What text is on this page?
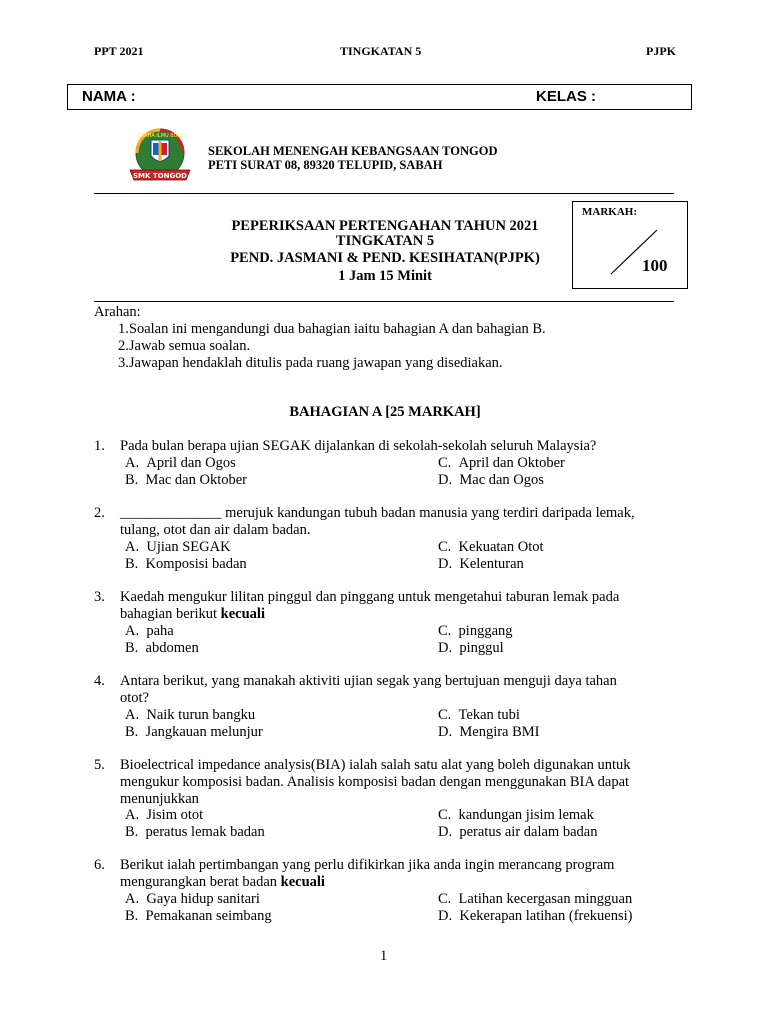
PPT 2021	TINGKATAN 5	PJPK
NAMA :	KELAS :
USAHA ILMU BUDI
SMK TONGOD
SEKOLAH MENENGAH KEBANGSAAN TONGOD
PETI SURAT 08, 89320 TELUPID, SABAH
PEPERIKSAAN PERTENGAHAN TAHUN 2021
TINGKATAN 5
PEND. JASMANI & PEND. KESIHATAN(PJPK)
1 Jam 15 Minit
MARKAH:
100
Arahan:
1.Soalan ini mengandungi dua bahagian iaitu bahagian A dan bahagian B.
2.Jawab semua soalan.
3.Jawapan hendaklah ditulis pada ruang jawapan yang disediakan.
BAHAGIAN A [25 MARKAH]
1. Pada bulan berapa ujian SEGAK dijalankan di sekolah-sekolah seluruh Malaysia?
A. April dan Ogos	C. April dan Oktober
B. Mac dan Oktober	D. Mac dan Ogos
2. ______________ merujuk kandungan tubuh badan manusia yang terdiri daripada lemak,
tulang, otot dan air dalam badan.
A. Ujian SEGAK	C. Kekuatan Otot
B. Komposisi badan	D. Kelenturan
3. Kaedah mengukur lilitan pinggul dan pinggang untuk mengetahui taburan lemak pada
bahagian berikut kecuali
A. paha	C. pinggang
B. abdomen	D. pinggul
4. Antara berikut, yang manakah aktiviti ujian segak yang bertujuan menguji daya tahan
otot?
A. Naik turun bangku	C. Tekan tubi
B. Jangkauan melunjur	D. Mengira BMI
5. Bioelectrical impedance analysis(BIA) ialah salah satu alat yang boleh digunakan untuk
mengukur komposisi badan. Analisis komposisi badan dengan menggunakan BIA dapat
menunjukkan
A. Jisim otot	C. kandungan jisim lemak
B. peratus lemak badan	D. peratus air dalam badan
6. Berikut ialah pertimbangan yang perlu difikirkan jika anda ingin merancang program
mengurangkan berat badan kecuali
A. Gaya hidup sanitari	C. Latihan kecergasan mingguan
B. Pemakanan seimbang	D. Kekerapan latihan (frekuensi)
1
